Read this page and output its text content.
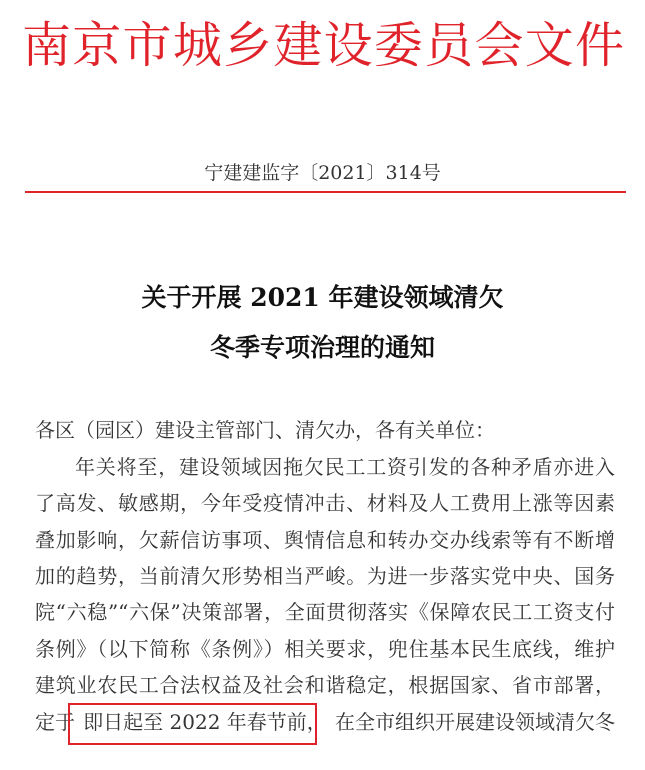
南京市城乡建设委员会文件
宁建建监字〔2021〕314号
关于开展 2021 年建设领域清欠
冬季专项治理的通知
各区（园区）建设主管部门、清欠办，各有关单位：
年关将至，建设领域因拖欠民工工资引发的各种矛盾亦进入
了高发、敏感期，今年受疫情冲击、材料及人工费用上涨等因素
叠加影响，欠薪信访事项、舆情信息和转办交办线索等有不断增
加的趋势，当前清欠形势相当严峻。为进一步落实党中央、国务
院“六稳”“六保”决策部署，全面贯彻落实《保障农民工工资支付
条例》（以下简称《条例》）相关要求，兜住基本民生底线，维护
建筑业农民工合法权益及社会和谐稳定，根据国家、省市部署，
定于 即日起至 2022 年春节前， 在全市组织开展建设领域清欠冬
